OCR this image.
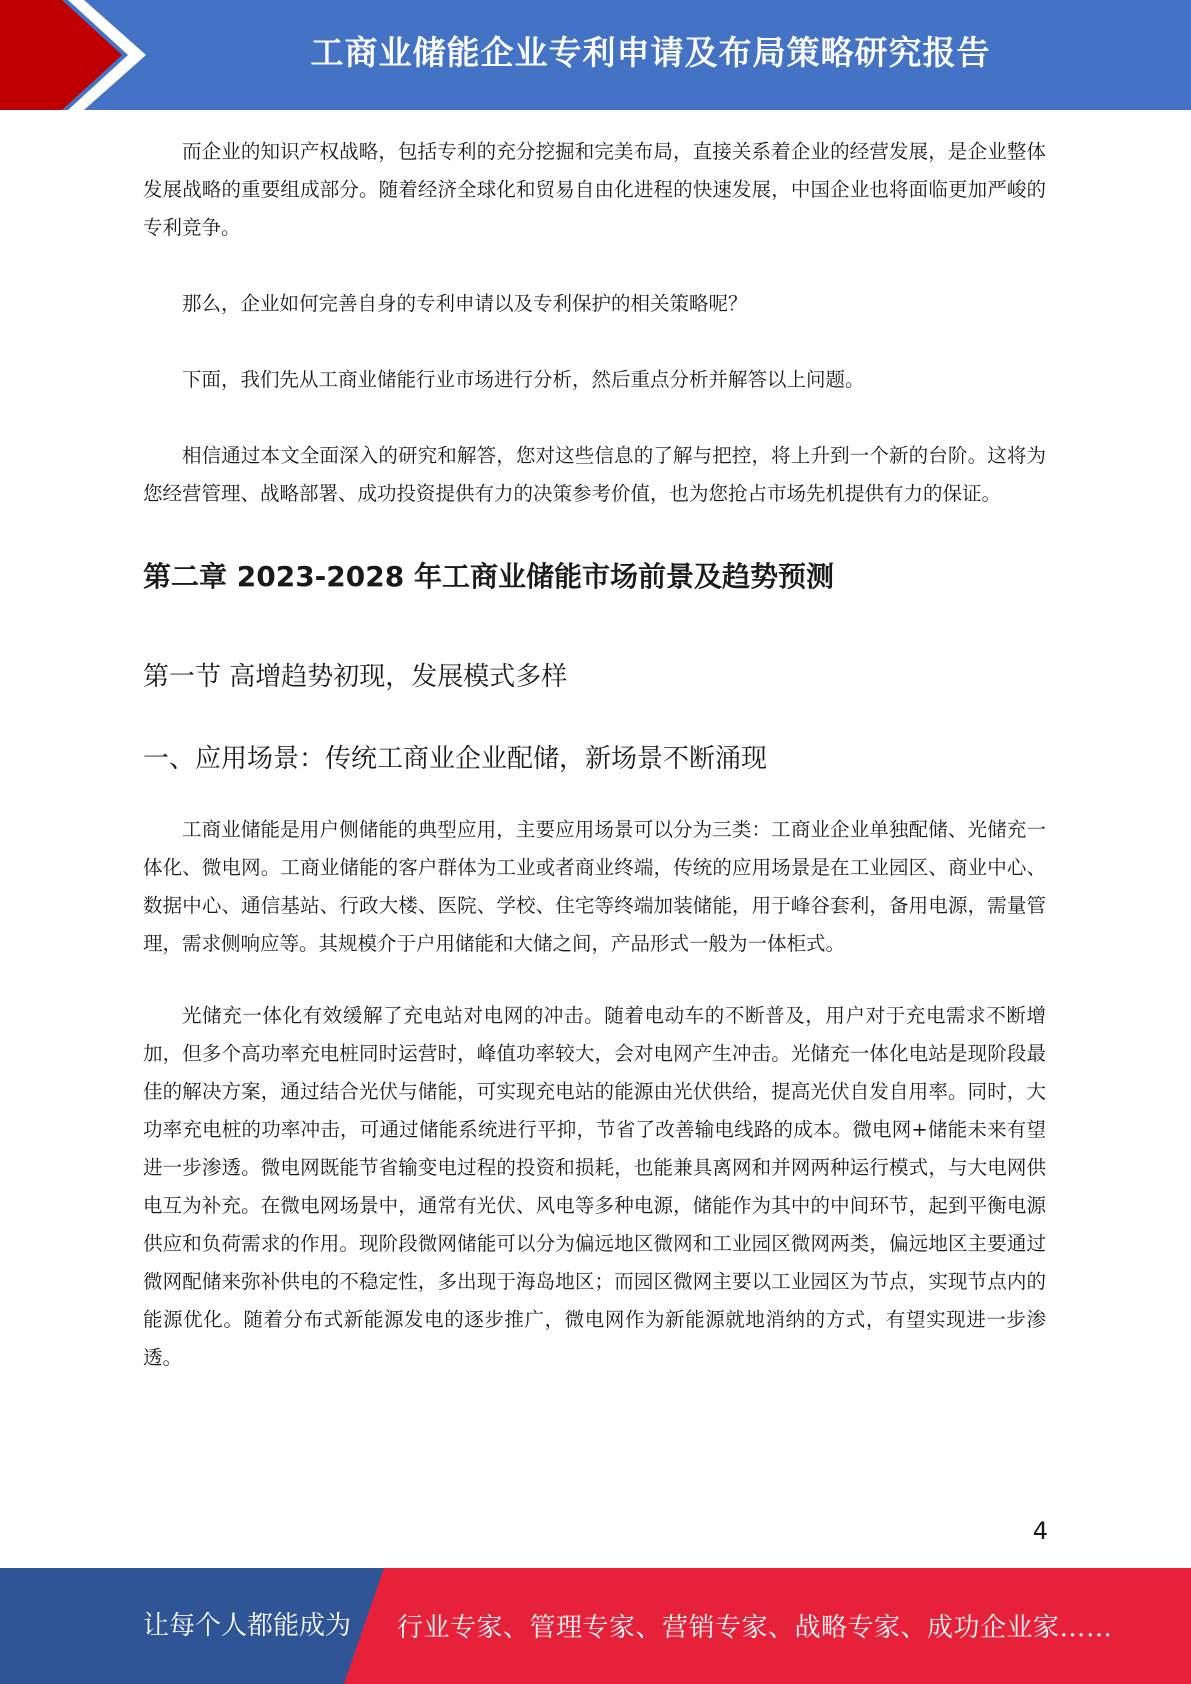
工商业储能企业专利申请及布局策略研究报告

而企业的知识产权战略，包括专利的充分挖掘和完美布局，直接关系着企业的经营发展，是企业整体发展战略的重要组成部分。随着经济全球化和贸易自由化进程的快速发展，中国企业也将面临更加严峻的专利竞争。

那么，企业如何完善自身的专利申请以及专利保护的相关策略呢？

下面，我们先从工商业储能行业市场进行分析，然后重点分析并解答以上问题。

相信通过本文全面深入的研究和解答，您对这些信息的了解与把控，将上升到一个新的台阶。这将为您经营管理、战略部署、成功投资提供有力的决策参考价值，也为您抢占市场先机提供有力的保证。

第二章 2023-2028 年工商业储能市场前景及趋势预测
第一节 高增趋势初现，发展模式多样
一、应用场景：传统工商业企业配储，新场景不断涌现

工商业储能是用户侧储能的典型应用，主要应用场景可以分为三类：工商业企业单独配储、光储充一体化、微电网。工商业储能的客户群体为工业或者商业终端，传统的应用场景是在工业园区、商业中心、数据中心、通信基站、行政大楼、医院、学校、住宅等终端加装储能，用于峰谷套利，备用电源，需量管理，需求侧响应等。其规模介于户用储能和大储之间，产品形式一般为一体柜式。

光储充一体化有效缓解了充电站对电网的冲击。随着电动车的不断普及，用户对于充电需求不断增加，但多个高功率充电桩同时运营时，峰值功率较大，会对电网产生冲击。光储充一体化电站是现阶段最佳的解决方案，通过结合光伏与储能，可实现充电站的能源由光伏供给，提高光伏自发自用率。同时，大功率充电桩的功率冲击，可通过储能系统进行平抑，节省了改善输电线路的成本。微电网+储能未来有望进一步渗透。微电网既能节省输变电过程的投资和损耗，也能兼具离网和并网两种运行模式，与大电网供电互为补充。在微电网场景中，通常有光伏、风电等多种电源，储能作为其中的中间环节，起到平衡电源供应和负荷需求的作用。现阶段微网储能可以分为偏远地区微网和工业园区微网两类，偏远地区主要通过微网配储来弥补供电的不稳定性，多出现于海岛地区；而园区微网主要以工业园区为节点，实现节点内的能源优化。随着分布式新能源发电的逐步推广，微电网作为新能源就地消纳的方式，有望实现进一步渗透。

4
让每个人都能成为 行业专家、管理专家、营销专家、战略专家、成功企业家……
